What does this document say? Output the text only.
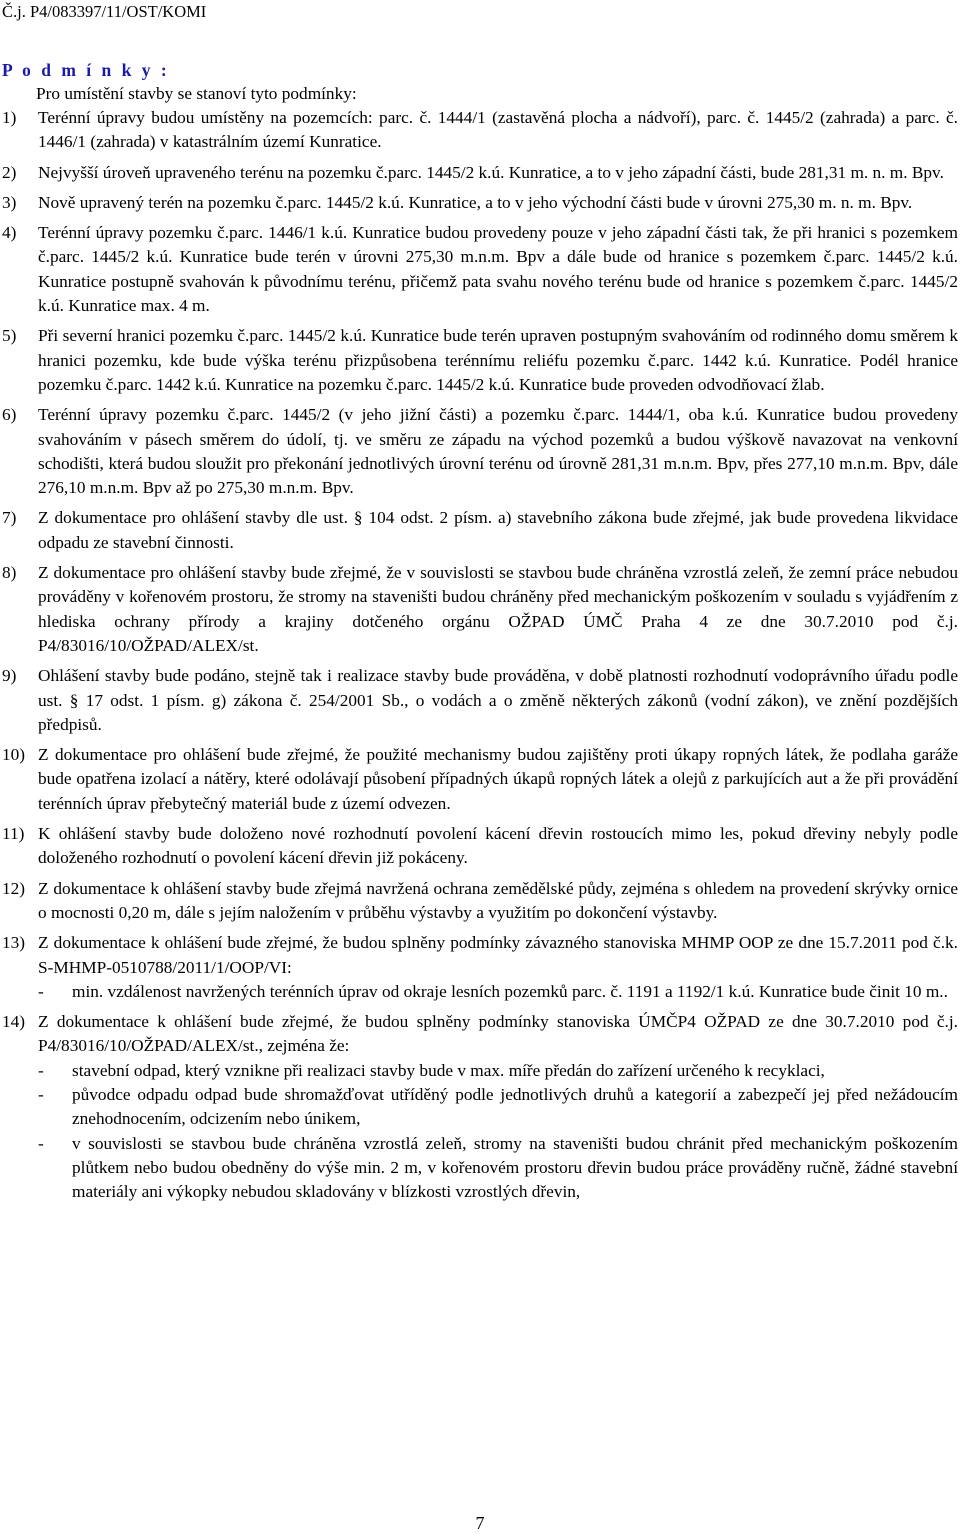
Č.j. P4/083397/11/OST/KOMI
P o d m í n k y :
Pro umístění stavby se stanoví tyto podmínky:
1) Terénní úpravy budou umístěny na pozemcích: parc. č. 1444/1 (zastavěná plocha a nádvoří), parc. č. 1445/2 (zahrada) a parc. č. 1446/1 (zahrada) v katastrálním území Kunratice.
2) Nejvyšší úroveň upraveného terénu na pozemku č.parc. 1445/2 k.ú. Kunratice, a to v jeho západní části, bude 281,31 m. n. m. Bpv.
3) Nově upravený terén na pozemku č.parc. 1445/2 k.ú. Kunratice, a to v jeho východní části bude v úrovni 275,30 m. n. m. Bpv.
4) Terénní úpravy pozemku č.parc. 1446/1 k.ú. Kunratice budou provedeny pouze v jeho západní části tak, že při hranici s pozemkem č.parc. 1445/2 k.ú. Kunratice bude terén v úrovni 275,30 m.n.m. Bpv a dále bude od hranice s pozemkem č.parc. 1445/2 k.ú. Kunratice postupně svahován k původnímu terénu, přičemž pata svahu nového terénu bude od hranice s pozemkem č.parc. 1445/2 k.ú. Kunratice max. 4 m.
5) Při severní hranici pozemku č.parc. 1445/2 k.ú. Kunratice bude terén upraven postupným svahováním od rodinného domu směrem k hranici pozemku, kde bude výška terénu přizpůsobena terénnímu reliéfu pozemku č.parc. 1442 k.ú. Kunratice. Podél hranice pozemku č.parc. 1442 k.ú. Kunratice na pozemku č.parc. 1445/2 k.ú. Kunratice bude proveden odvodňovací žlab.
6) Terénní úpravy pozemku č.parc. 1445/2 (v jeho jižní části) a pozemku č.parc. 1444/1, oba k.ú. Kunratice budou provedeny svahováním v pásech směrem do údolí, tj. ve směru ze západu na východ pozemků a budou výškově navazovat na venkovní schodišti, která budou sloužit pro překonání jednotlivých úrovní terénu od úrovně 281,31 m.n.m. Bpv, přes 277,10 m.n.m. Bpv, dále 276,10 m.n.m. Bpv až po 275,30 m.n.m. Bpv.
7) Z dokumentace pro ohlášení stavby dle ust. § 104 odst. 2 písm. a) stavebního zákona bude zřejmé, jak bude provedena likvidace odpadu ze stavební činnosti.
8) Z dokumentace pro ohlášení stavby bude zřejmé, že v souvislosti se stavbou bude chráněna vzrostlá zeleň, že zemní práce nebudou prováděny v kořenovém prostoru, že stromy na staveništi budou chráněny před mechanickým poškozením v souladu s vyjádřením z hlediska ochrany přírody a krajiny dotčeného orgánu OŽPAD ÚMČ Praha 4 ze dne 30.7.2010 pod č.j. P4/83016/10/OŽPAD/ALEX/st.
9) Ohlášení stavby bude podáno, stejně tak i realizace stavby bude prováděna, v době platnosti rozhodnutí vodoprávního úřadu podle ust. § 17 odst. 1 písm. g) zákona č. 254/2001 Sb., o vodách a o změně některých zákonů (vodní zákon), ve znění pozdějších předpisů.
10) Z dokumentace pro ohlášení bude zřejmé, že použité mechanismy budou zajištěny proti úkapy ropných látek, že podlaha garáže bude opatřena izolací a nátěry, které odolávají působení případných úkapů ropných látek a olejů z parkujících aut a že při provádění terénních úprav přebytečný materiál bude z území odvezen.
11) K ohlášení stavby bude doloženo nové rozhodnutí povolení kácení dřevin rostoucích mimo les, pokud dřeviny nebyly podle doloženého rozhodnutí o povolení kácení dřevin již pokáceny.
12) Z dokumentace k ohlášení stavby bude zřejmá navržená ochrana zemědělské půdy, zejména s ohledem na provedení skrývky ornice o mocnosti 0,20 m, dále s jejím naložením v průběhu výstavby a využitím po dokončení výstavby.
13) Z dokumentace k ohlášení bude zřejmé, že budou splněny podmínky závazného stanoviska MHMP OOP ze dne 15.7.2011 pod č.k. S-MHMP-0510788/2011/1/OOP/VI:
- min. vzdálenost navržených terénních úprav od okraje lesních pozemků parc. č. 1191 a 1192/1 k.ú. Kunratice bude činit 10 m..
14) Z dokumentace k ohlášení bude zřejmé, že budou splněny podmínky stanoviska ÚMČP4 OŽPAD ze dne 30.7.2010 pod č.j. P4/83016/10/OŽPAD/ALEX/st., zejména že:
- stavební odpad, který vznikne při realizaci stavby bude v max. míře předán do zařízení určeného k recyklaci,
- původce odpadu odpad bude shromažďovat utříděný podle jednotlivých druhů a kategorií a zabezpečí jej před nežádoucím znehodnocením, odcizením nebo únikem,
- v souvislosti se stavbou bude chráněna vzrostlá zeleň, stromy na staveništi budou chránit před mechanickým poškozením plůtkem nebo budou obedněny do výše min. 2 m, v kořenovém prostoru dřevin budou práce prováděny ručně, žádné stavební materiály ani výkopky nebudou skladovány v blízkosti vzrostlých dřevin,
7
